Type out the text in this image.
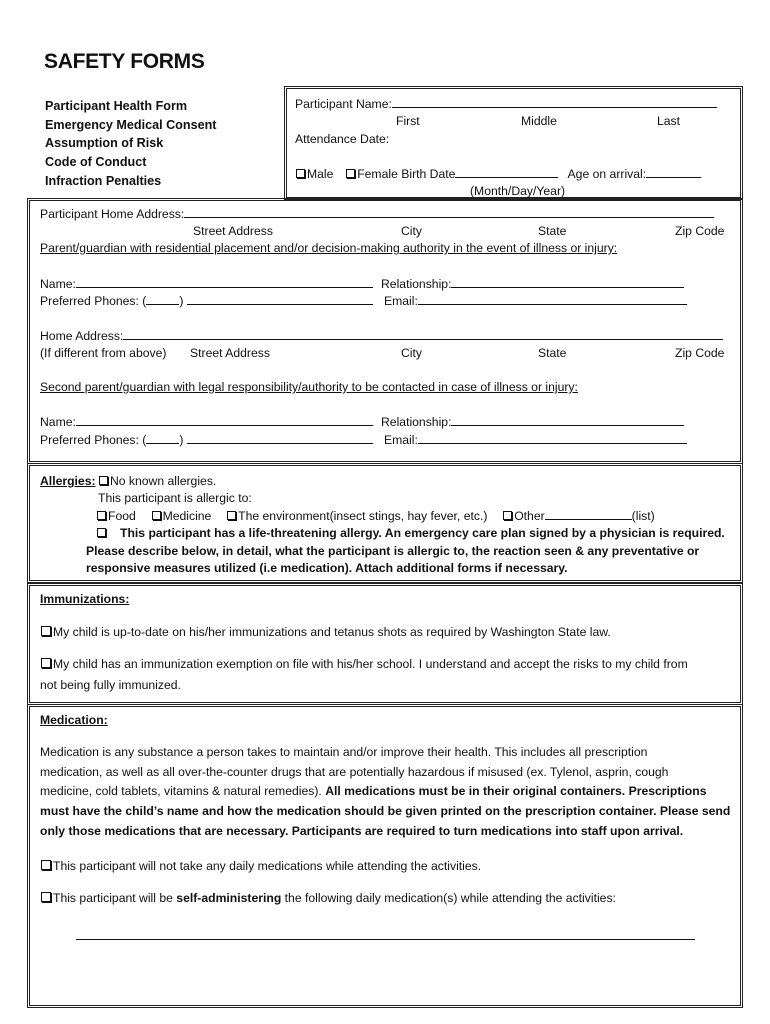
SAFETY FORMS
Participant Health Form
Emergency Medical Consent
Assumption of Risk
Code of Conduct
Infraction Penalties
Participant Name:
First	Middle	Last
Attendance Date:
Male Female Birth Date	Age on arrival:
(Month/Day/Year)
Participant Home Address:
Street Address	City	State	Zip Code
Parent/guardian with residential placement and/or decision-making authority in the event of illness or injury:
Name:	Relationship:
Preferred Phones: (	)	Email:
Home Address:
(If different from above) Street Address	City	State	Zip Code
Second parent/guardian with legal responsibility/authority to be contacted in case of illness or injury:
Name:	Relationship:
Preferred Phones: (	)	Email:
Allergies: No known allergies.
This participant is allergic to:
Food Medicine The environment(insect stings, hay fever, etc.) Other	(list)
This participant has a life-threatening allergy. An emergency care plan signed by a physician is required.
Please describe below, in detail, what the participant is allergic to, the reaction seen & any preventative or
responsive measures utilized (i.e medication). Attach additional forms if necessary.
Immunizations:
My child is up-to-date on his/her immunizations and tetanus shots as required by Washington State law.
My child has an immunization exemption on file with his/her school. I understand and accept the risks to my child from
not being fully immunized.
Medication:
Medication is any substance a person takes to maintain and/or improve their health. This includes all prescription
medication, as well as all over-the-counter drugs that are potentially hazardous if misused (ex. Tylenol, asprin, cough
medicine, cold tablets, vitamins & natural remedies). All medications must be in their original containers. Prescriptions
must have the child’s name and how the medication should be given printed on the prescription container. Please send
only those medications that are necessary. Participants are required to turn medications into staff upon arrival.
This participant will not take any daily medications while attending the activities.
This participant will be self-administering the following daily medication(s) while attending the activities:
